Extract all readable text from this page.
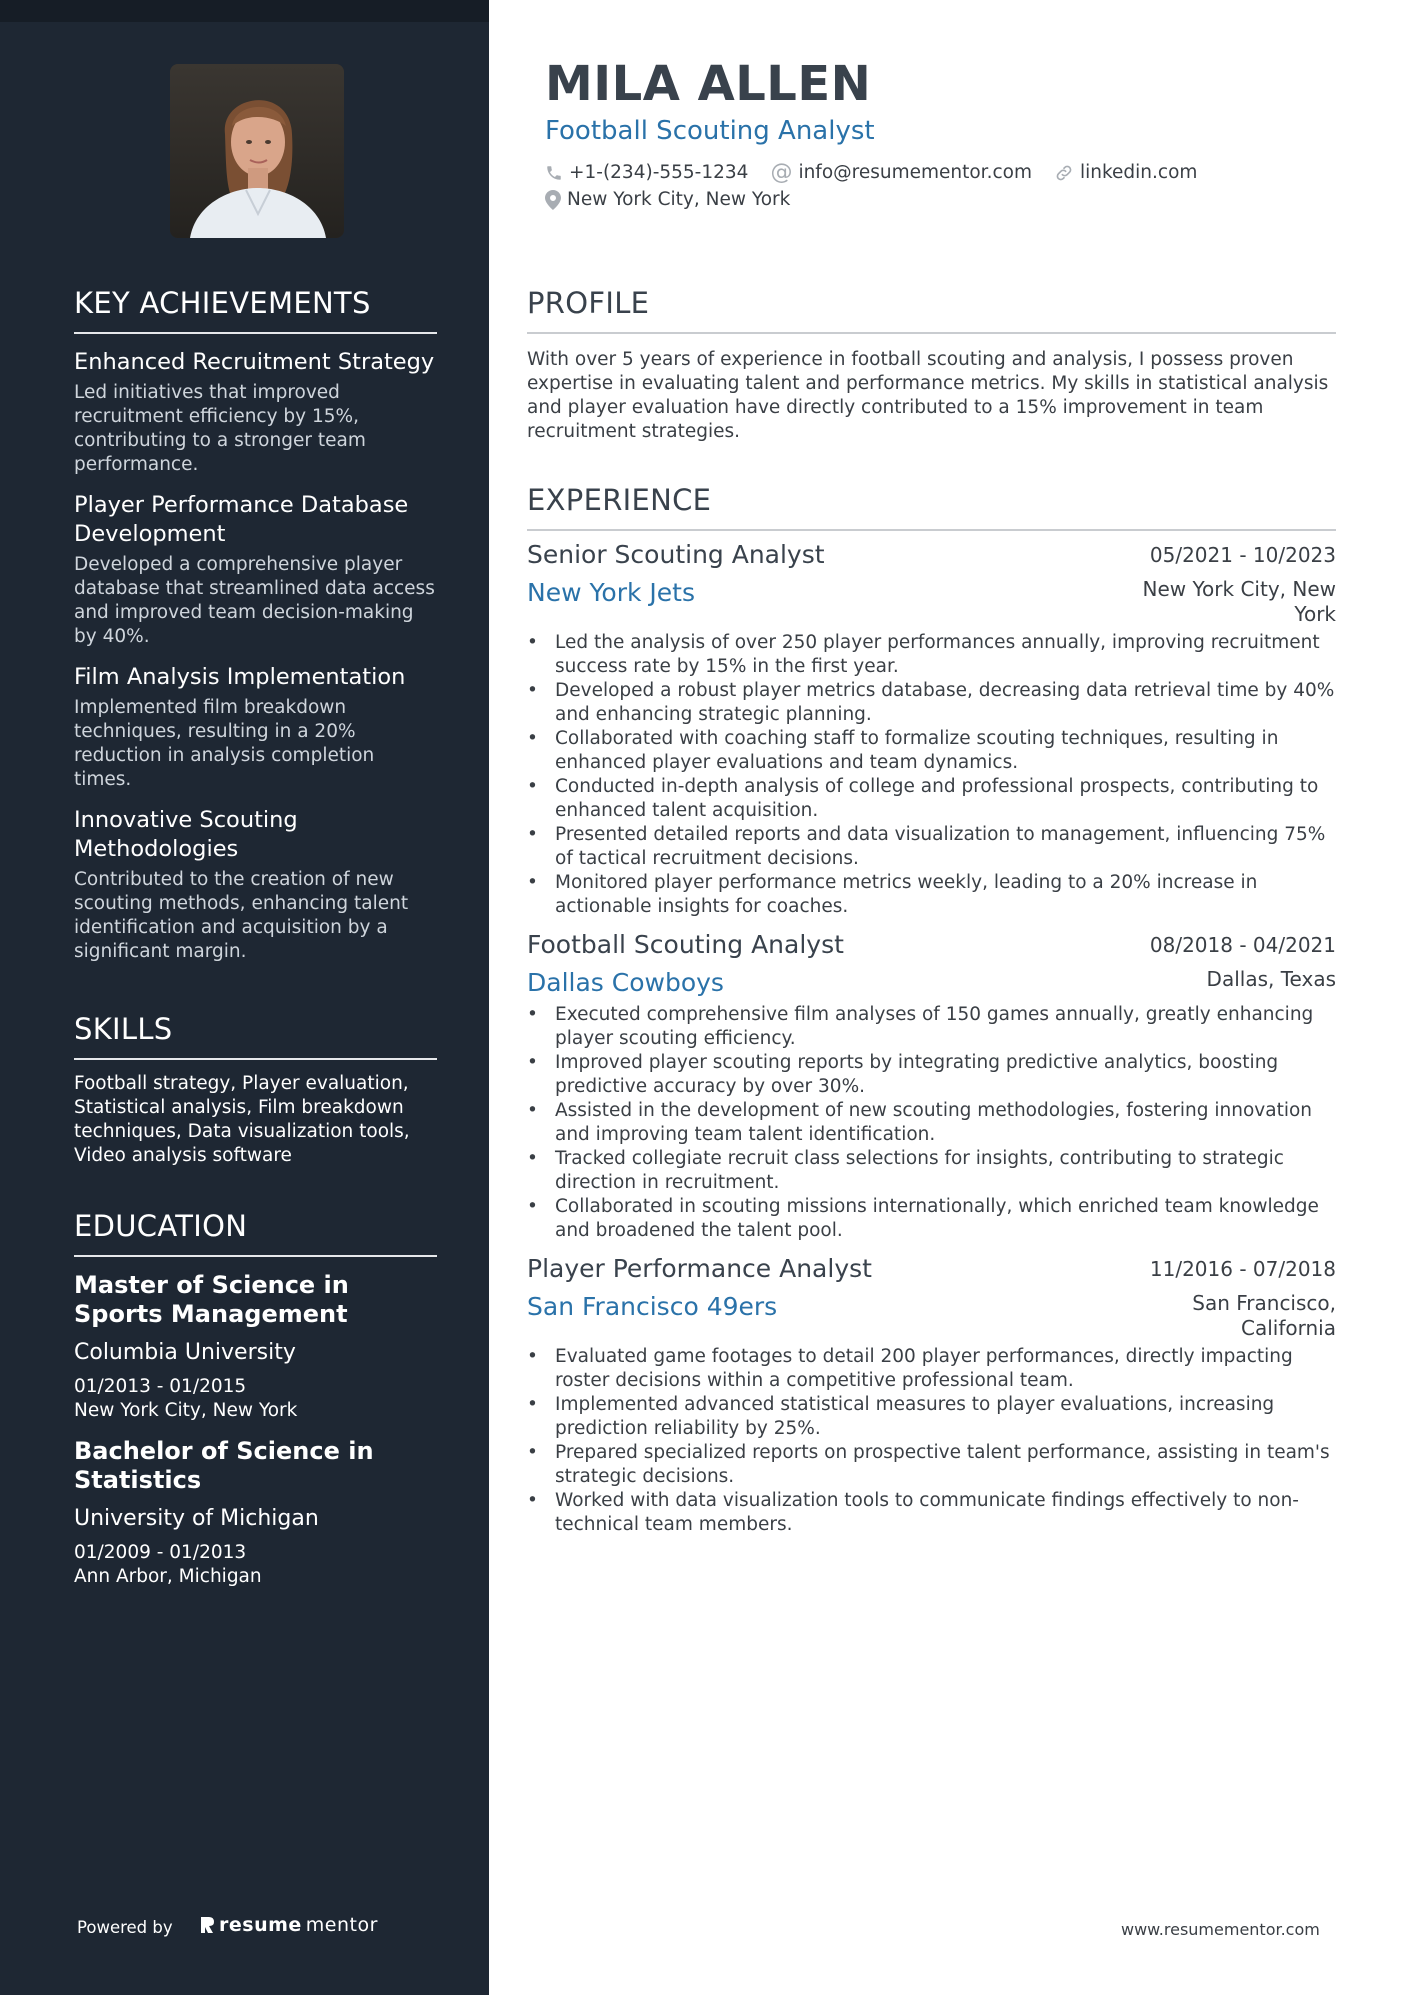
KEY ACHIEVEMENTS
Enhanced Recruitment Strategy
Led initiatives that improved recruitment efficiency by 15%, contributing to a stronger team performance.
Player Performance Database Development
Developed a comprehensive player database that streamlined data access and improved team decision-making by 40%.
Film Analysis Implementation
Implemented film breakdown techniques, resulting in a 20% reduction in analysis completion times.
Innovative Scouting Methodologies
Contributed to the creation of new scouting methods, enhancing talent identification and acquisition by a significant margin.
SKILLS
Football strategy, Player evaluation, Statistical analysis, Film breakdown techniques, Data visualization tools, Video analysis software
EDUCATION
Master of Science in Sports Management
Columbia University
01/2013 - 01/2015
New York City, New York
Bachelor of Science in Statistics
University of Michigan
01/2009 - 01/2013
Ann Arbor, Michigan
Powered by resume mentor
MILA ALLEN
Football Scouting Analyst
+1-(234)-555-1234 @ info@resumementor.com	linkedin.com
New York City, New York
PROFILE
With over 5 years of experience in football scouting and analysis, I possess proven expertise in evaluating talent and performance metrics. My skills in statistical analysis and player evaluation have directly contributed to a 15% improvement in team recruitment strategies.
EXPERIENCE
Senior Scouting Analyst	05/2021 - 10/2023
New York Jets	New York City, New York
• Led the analysis of over 250 player performances annually, improving recruitment success rate by 15% in the first year.
• Developed a robust player metrics database, decreasing data retrieval time by 40% and enhancing strategic planning.
• Collaborated with coaching staff to formalize scouting techniques, resulting in enhanced player evaluations and team dynamics.
• Conducted in-depth analysis of college and professional prospects, contributing to enhanced talent acquisition.
• Presented detailed reports and data visualization to management, influencing 75% of tactical recruitment decisions.
• Monitored player performance metrics weekly, leading to a 20% increase in actionable insights for coaches.
Football Scouting Analyst	08/2018 - 04/2021
Dallas Cowboys	Dallas, Texas
• Executed comprehensive film analyses of 150 games annually, greatly enhancing player scouting efficiency.
• Improved player scouting reports by integrating predictive analytics, boosting predictive accuracy by over 30%.
• Assisted in the development of new scouting methodologies, fostering innovation and improving team talent identification.
• Tracked collegiate recruit class selections for insights, contributing to strategic direction in recruitment.
• Collaborated in scouting missions internationally, which enriched team knowledge and broadened the talent pool.
Player Performance Analyst	11/2016 - 07/2018
San Francisco 49ers	San Francisco, California
• Evaluated game footages to detail 200 player performances, directly impacting roster decisions within a competitive professional team.
• Implemented advanced statistical measures to player evaluations, increasing prediction reliability by 25%.
• Prepared specialized reports on prospective talent performance, assisting in team's strategic decisions.
• Worked with data visualization tools to communicate findings effectively to non-technical team members.
www.resumementor.com
